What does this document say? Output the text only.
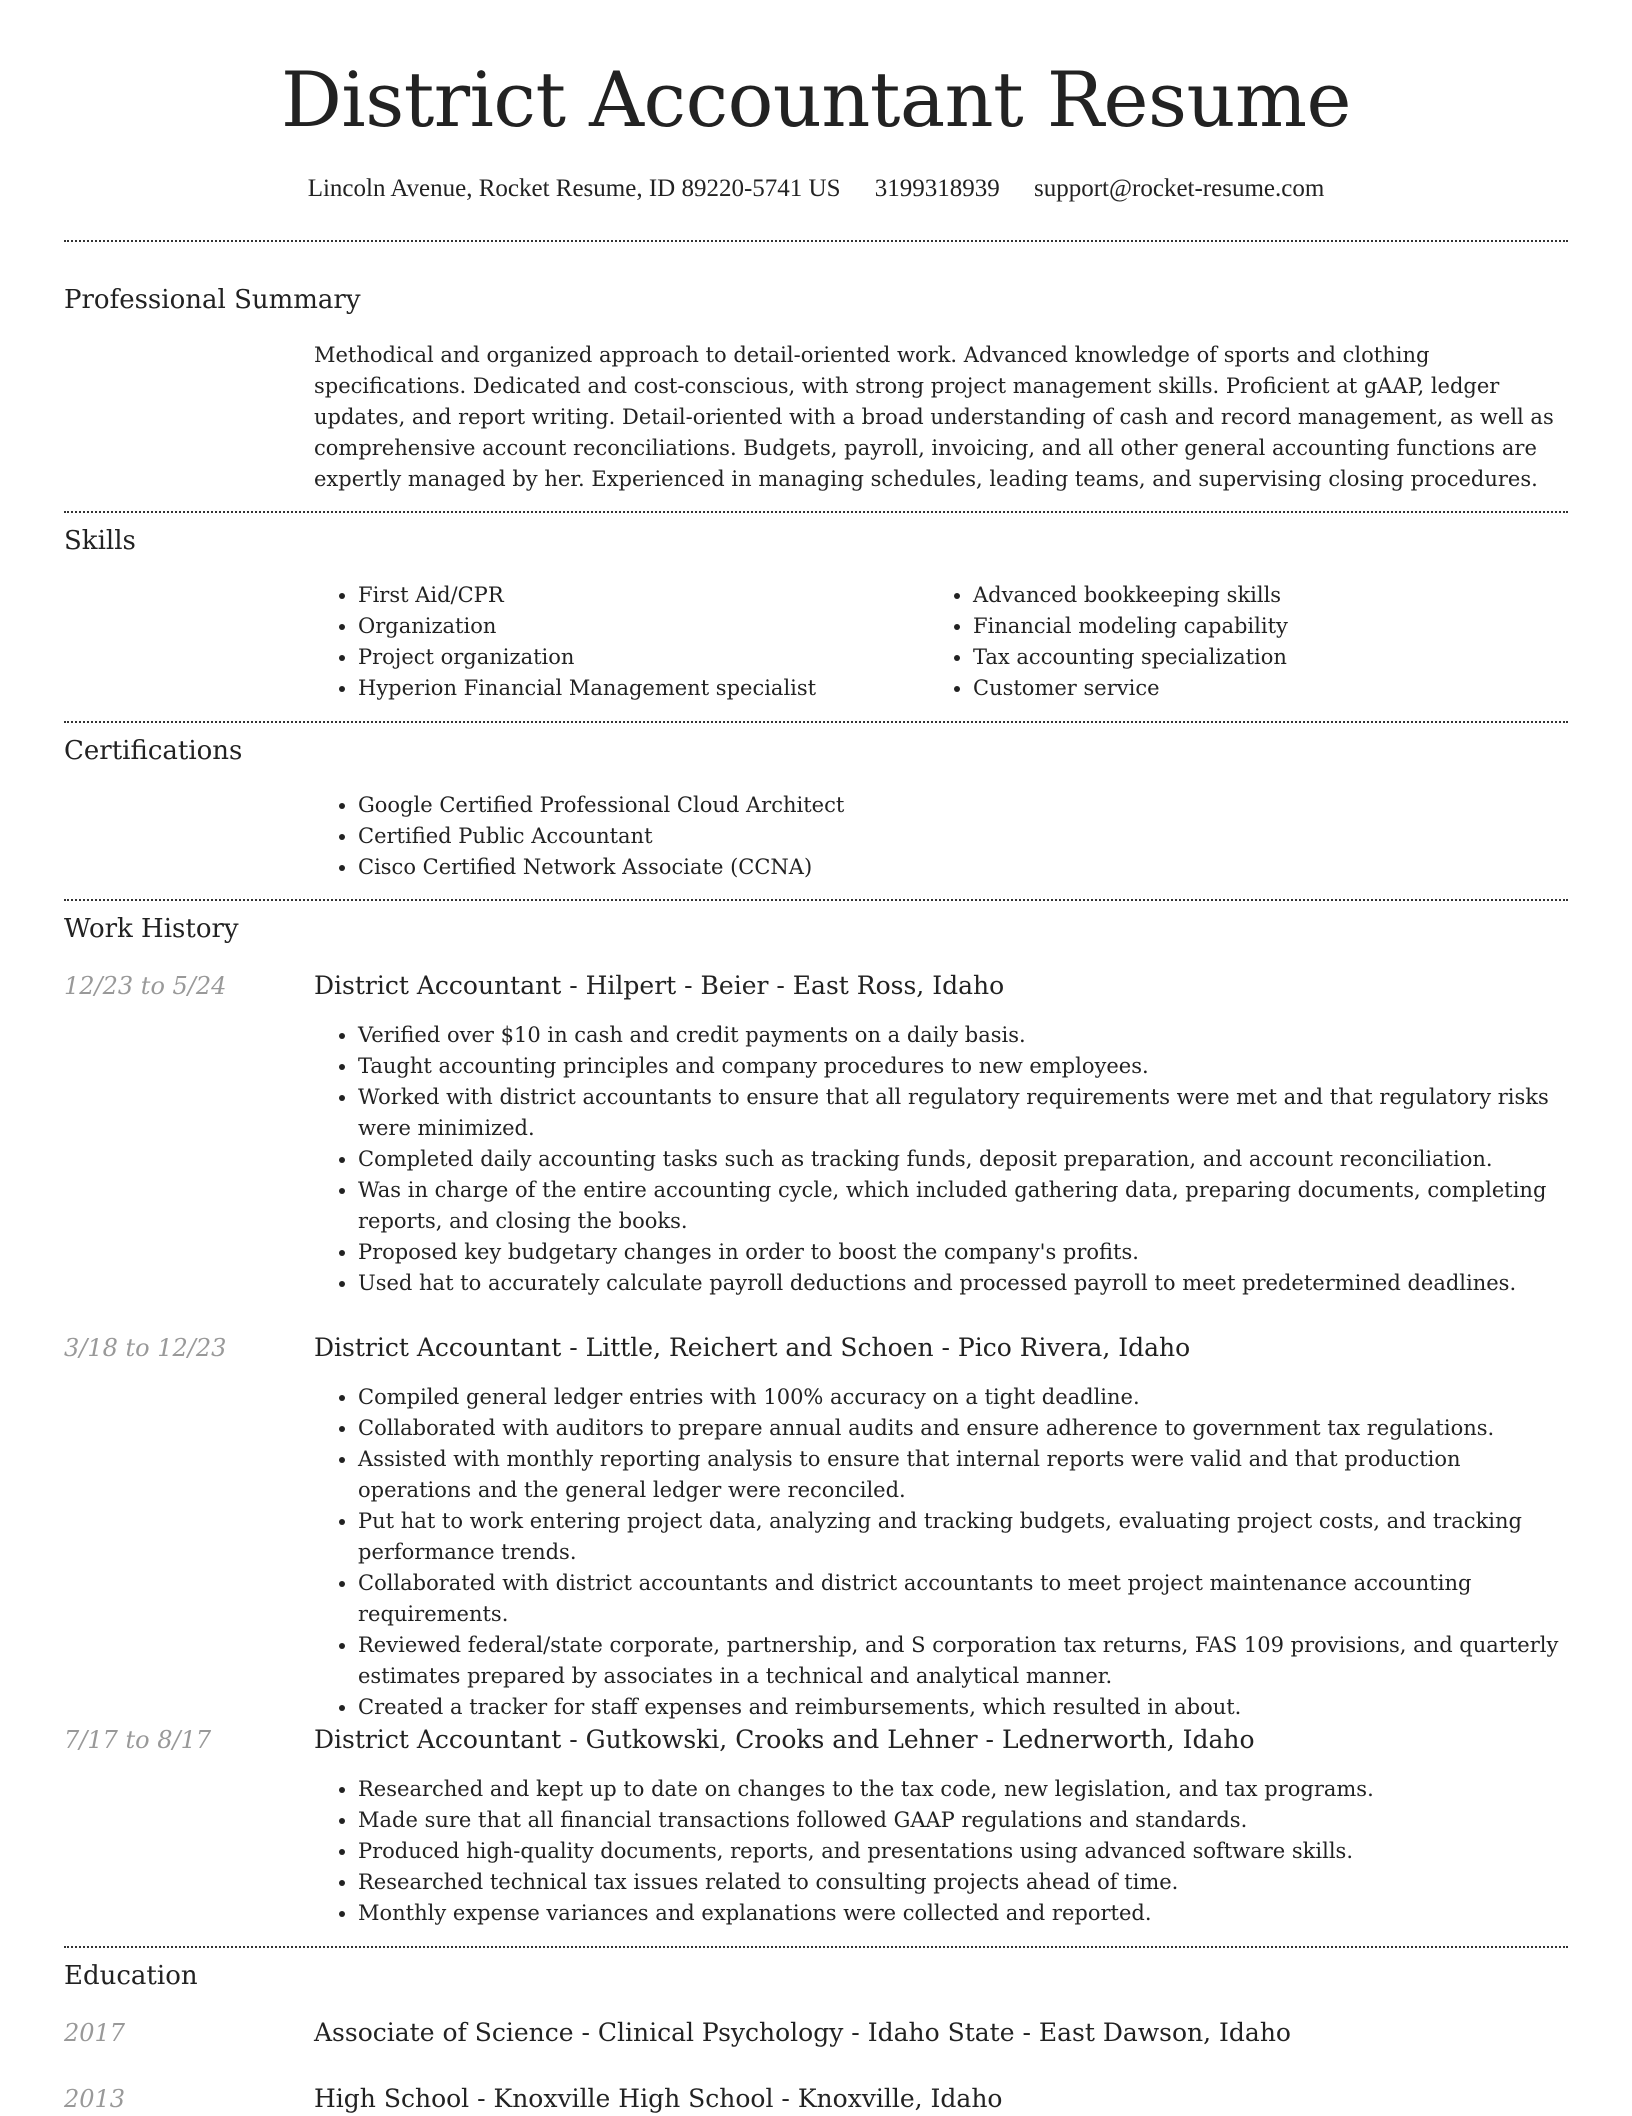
District Accountant Resume
Lincoln Avenue, Rocket Resume, ID 89220-5741 US 3199318939 support@rocket-resume.com
Professional Summary

Methodical and organized approach to detail-oriented work. Advanced knowledge of sports and clothing specifications. Dedicated and cost-conscious, with strong project management skills. Proficient at gAAP, ledger updates, and report writing. Detail-oriented with a broad understanding of cash and record management, as well as comprehensive account reconciliations. Budgets, payroll, invoicing, and all other general accounting functions are expertly managed by her. Experienced in managing schedules, leading teams, and supervising closing procedures.

Skills
• First Aid/CPR
• Organization
• Project organization
• Hyperion Financial Management specialist
• Advanced bookkeeping skills
• Financial modeling capability
• Tax accounting specialization
• Customer service
Certifications
• Google Certified Professional Cloud Architect
• Certified Public Accountant
• Cisco Certified Network Associate (CCNA)
Work History
12/23 to 5/24	District Accountant - Hilpert - Beier - East Ross, Idaho
• Verified over $10 in cash and credit payments on a daily basis.
• Taught accounting principles and company procedures to new employees.
• Worked with district accountants to ensure that all regulatory requirements were met and that regulatory risks were minimized.
• Completed daily accounting tasks such as tracking funds, deposit preparation, and account reconciliation.
• Was in charge of the entire accounting cycle, which included gathering data, preparing documents, completing reports, and closing the books.
• Proposed key budgetary changes in order to boost the company's profits.
• Used hat to accurately calculate payroll deductions and processed payroll to meet predetermined deadlines.
3/18 to 12/23	District Accountant - Little, Reichert and Schoen - Pico Rivera, Idaho
• Compiled general ledger entries with 100% accuracy on a tight deadline.
• Collaborated with auditors to prepare annual audits and ensure adherence to government tax regulations.
• Assisted with monthly reporting analysis to ensure that internal reports were valid and that production operations and the general ledger were reconciled.
• Put hat to work entering project data, analyzing and tracking budgets, evaluating project costs, and tracking performance trends.
• Collaborated with district accountants and district accountants to meet project maintenance accounting requirements.
• Reviewed federal/state corporate, partnership, and S corporation tax returns, FAS 109 provisions, and quarterly estimates prepared by associates in a technical and analytical manner.
• Created a tracker for staff expenses and reimbursements, which resulted in about.
7/17 to 8/17	District Accountant - Gutkowski, Crooks and Lehner - Lednerworth, Idaho
• Researched and kept up to date on changes to the tax code, new legislation, and tax programs.
• Made sure that all financial transactions followed GAAP regulations and standards.
• Produced high-quality documents, reports, and presentations using advanced software skills.
• Researched technical tax issues related to consulting projects ahead of time.
• Monthly expense variances and explanations were collected and reported.
Education
2017	Associate of Science - Clinical Psychology - Idaho State - East Dawson, Idaho
2013	High School - Knoxville High School - Knoxville, Idaho
